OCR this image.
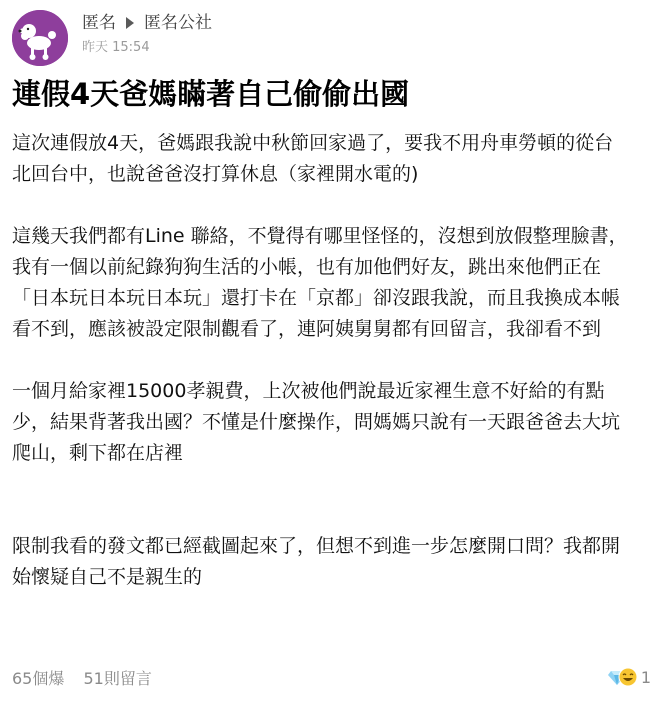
匿名 匿名公社
昨天 15:54
連假4天爸媽瞞著自己偷偷出國

這次連假放4天，爸媽跟我說中秋節回家過了，要我不用舟車勞頓的從台
北回台中，也說爸爸沒打算休息（家裡開水電的)

這幾天我們都有Line 聯絡，不覺得有哪里怪怪的，沒想到放假整理臉書，
我有一個以前紀錄狗狗生活的小帳，也有加他們好友，跳出來他們正在
「日本玩日本玩日本玩」還打卡在「京都」卻沒跟我說，而且我換成本帳
看不到，應該被設定限制觀看了，連阿姨舅舅都有回留言，我卻看不到

一個月給家裡15000孝親費，上次被他們說最近家裡生意不好給的有點
少，結果背著我出國？不懂是什麼操作，問媽媽只說有一天跟爸爸去大坑
爬山，剩下都在店裡

限制我看的發文都已經截圖起來了，但想不到進一步怎麼開口問？我都開
始懷疑自己不是親生的

65個爆 51則留言	1
